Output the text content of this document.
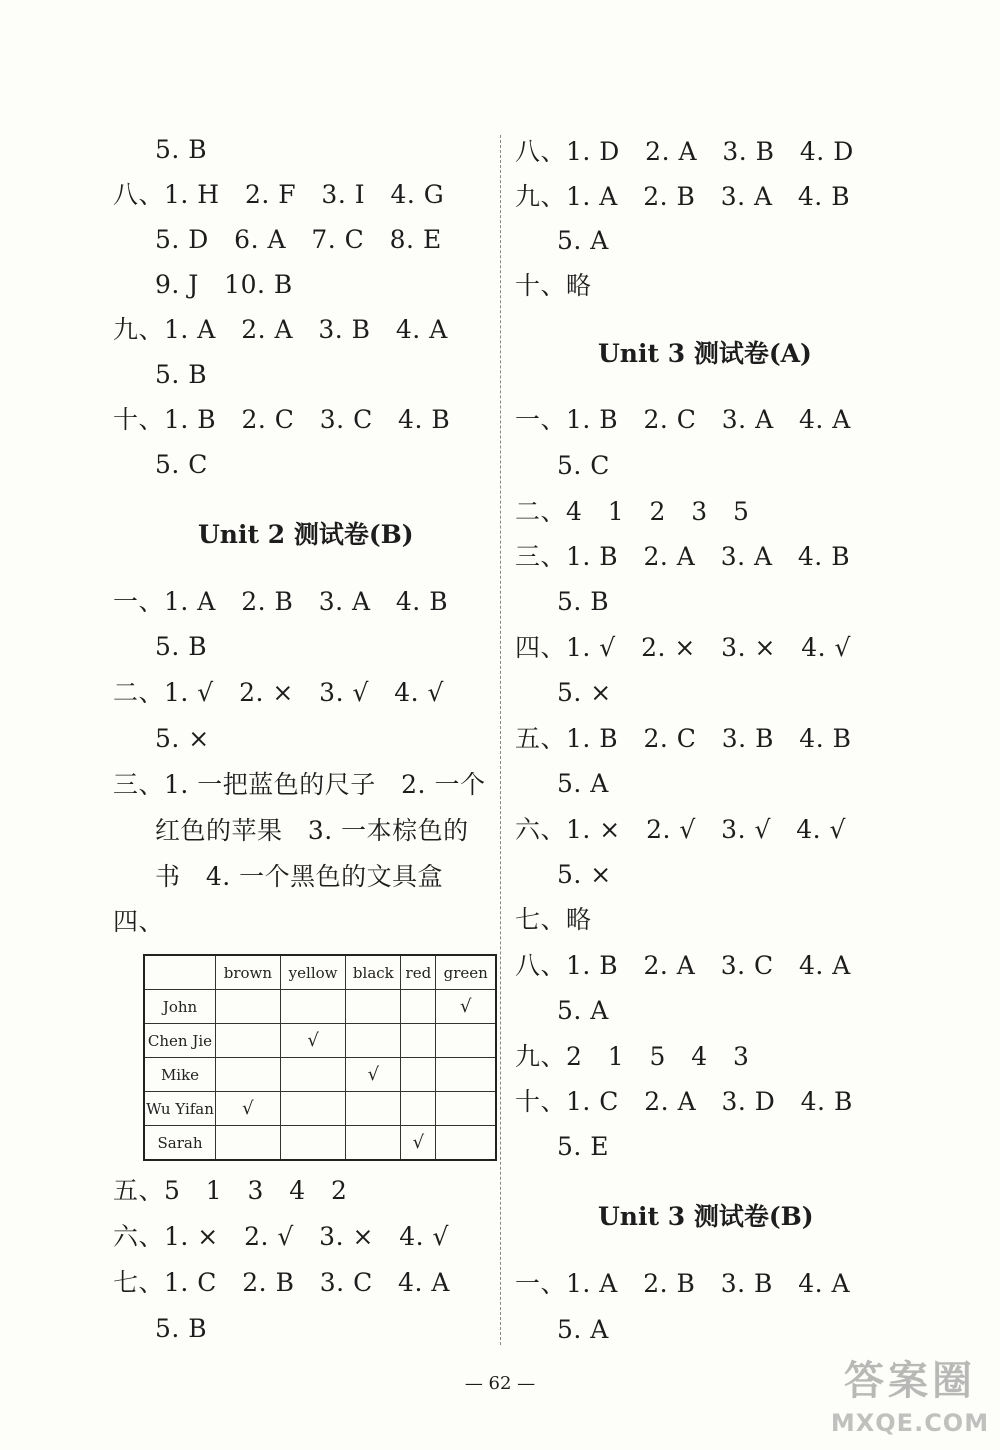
5. B
八、1. H   2. F   3. I   4. G
5. D   6. A   7. C   8. E
9. J   10. B
九、1. A   2. A   3. B   4. A
5. B
十、1. B   2. C   3. C   4. B
5. C
Unit 2 测试卷(B)
一、1. A   2. B   3. A   4. B
5. B
二、1. √   2. ×   3. √   4. √
5. ×
三、1. 一把蓝色的尺子   2. 一个
红色的苹果   3. 一本棕色的
书   4. 一个黑色的文具盒
四、
	brown	yellow	black	red	green
John					√
Chen Jie		√			
Mike			√		
Wu Yifan	√				
Sarah				√	
五、5   1   3   4   2
六、1. ×   2. √   3. ×   4. √
七、1. C   2. B   3. C   4. A
5. B
八、1. D   2. A   3. B   4. D
九、1. A   2. B   3. A   4. B
5. A
十、略
Unit 3 测试卷(A)
一、1. B   2. C   3. A   4. A
5. C
二、4   1   2   3   5
三、1. B   2. A   3. A   4. B
5. B
四、1. √   2. ×   3. ×   4. √
5. ×
五、1. B   2. C   3. B   4. B
5. A
六、1. ×   2. √   3. √   4. √
5. ×
七、略
八、1. B   2. A   3. C   4. A
5. A
九、2   1   5   4   3
十、1. C   2. A   3. D   4. B
5. E
Unit 3 测试卷(B)
一、1. A   2. B   3. B   4. A
5. A
— 62 —	答案圈
MXQE.COM
